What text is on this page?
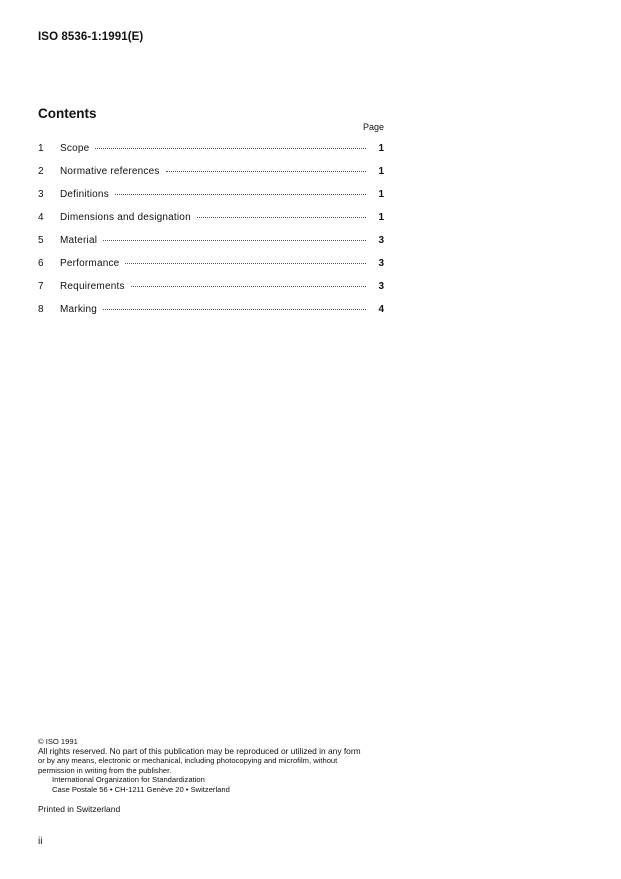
ISO 8536-1:1991(E)
Contents
Page
1	Scope	1
2	Normative references	1
3	Definitions	1
4	Dimensions and designation	1
5	Material	3
6	Performance	3
7	Requirements	3
8	Marking	4
© ISO 1991
All rights reserved. No part of this publication may be reproduced or utilized in any form
or by any means, electronic or mechanical, including photocopying and microfilm, without
permission in writing from the publisher.
International Organization for Standardization
Case Postale 56 • CH-1211 Genève 20 • Switzerland
Printed in Switzerland
ii
